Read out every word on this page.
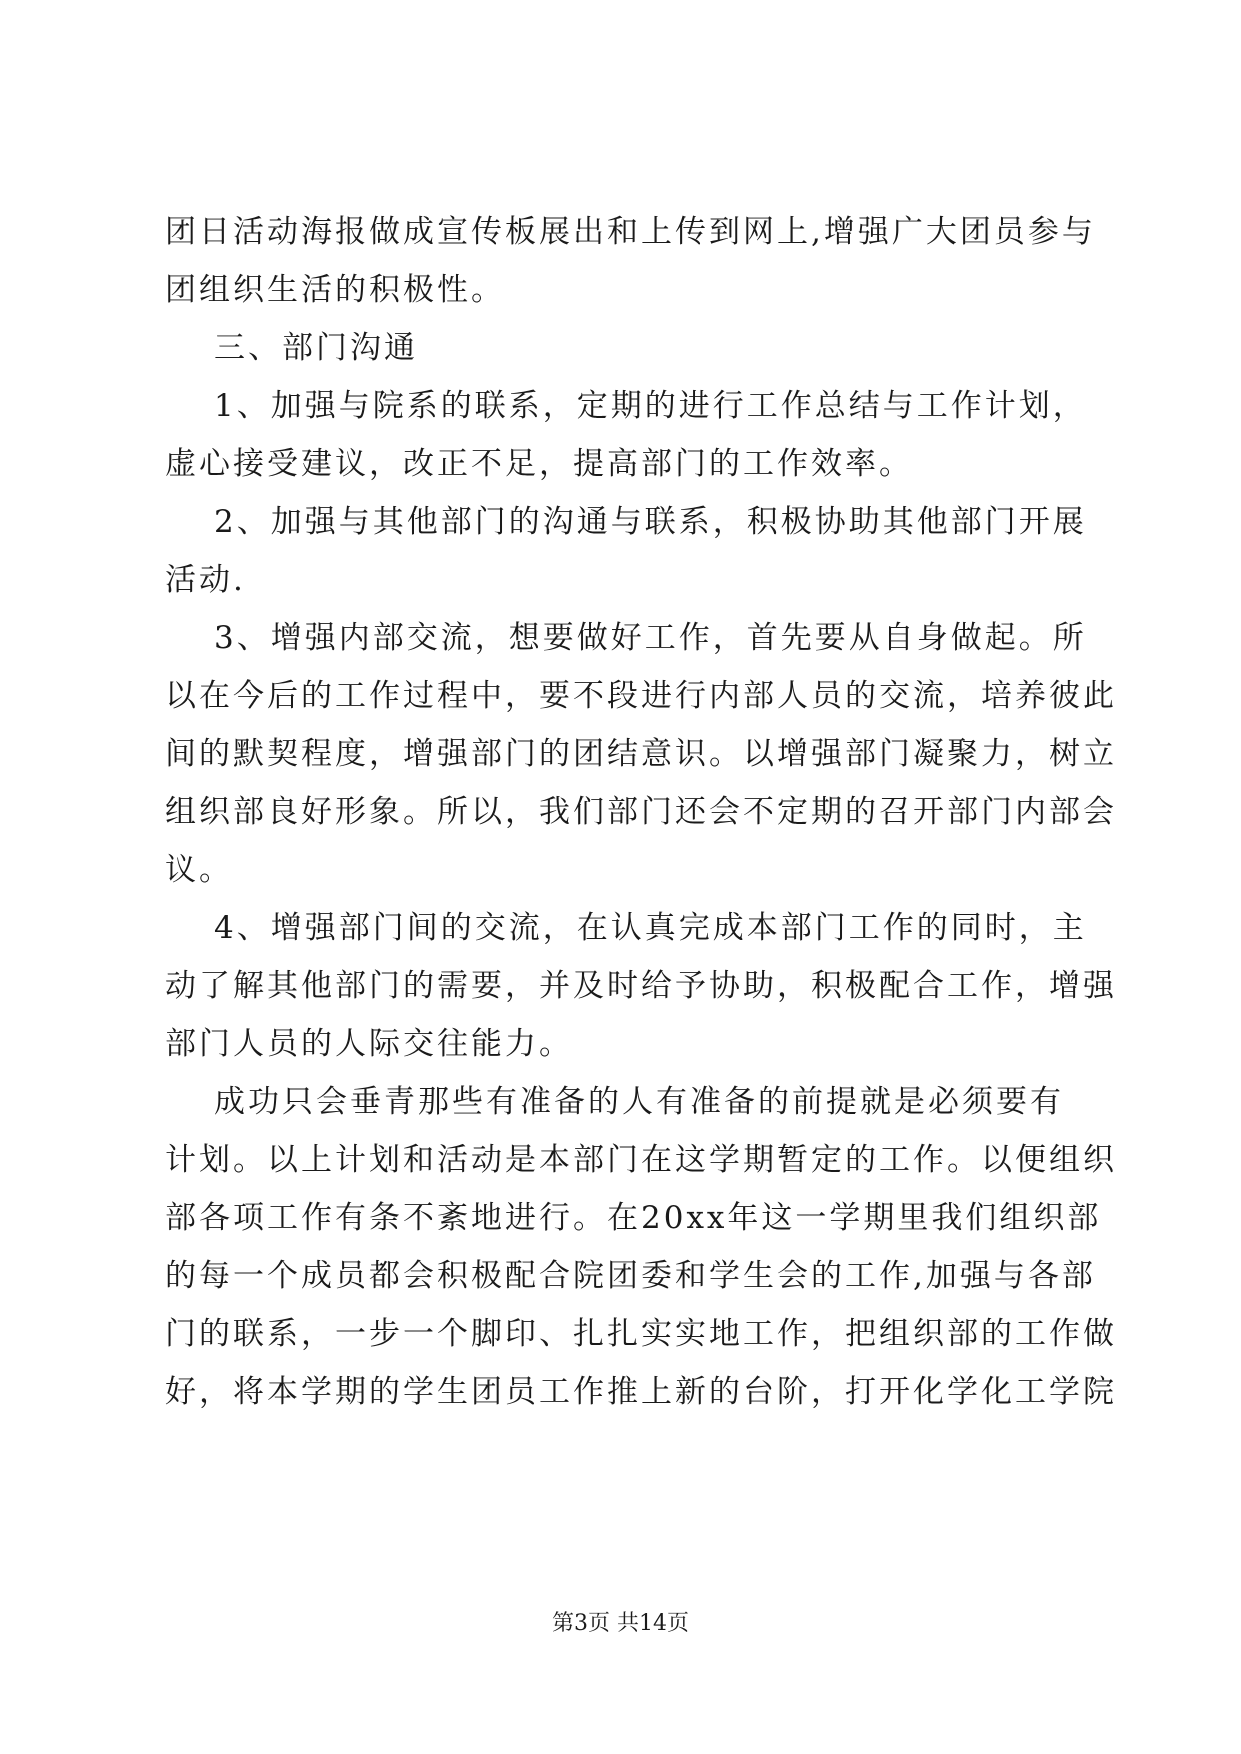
团日活动海报做成宣传板展出和上传到网上,增强广大团员参与
团组织生活的积极性。
三、部门沟通
1、加强与院系的联系，定期的进行工作总结与工作计划，
虚心接受建议，改正不足，提高部门的工作效率。
2、加强与其他部门的沟通与联系，积极协助其他部门开展
活动.
3、增强内部交流，想要做好工作，首先要从自身做起。所
以在今后的工作过程中，要不段进行内部人员的交流，培养彼此
间的默契程度，增强部门的团结意识。以增强部门凝聚力，树立
组织部良好形象。所以，我们部门还会不定期的召开部门内部会
议。
4、增强部门间的交流，在认真完成本部门工作的同时，主
动了解其他部门的需要，并及时给予协助，积极配合工作，增强
部门人员的人际交往能力。
成功只会垂青那些有准备的人有准备的前提就是必须要有
计划。以上计划和活动是本部门在这学期暂定的工作。以便组织
部各项工作有条不紊地进行。在20xx年这一学期里我们组织部
的每一个成员都会积极配合院团委和学生会的工作,加强与各部
门的联系，一步一个脚印、扎扎实实地工作，把组织部的工作做
好，将本学期的学生团员工作推上新的台阶，打开化学化工学院
第3页 共14页
